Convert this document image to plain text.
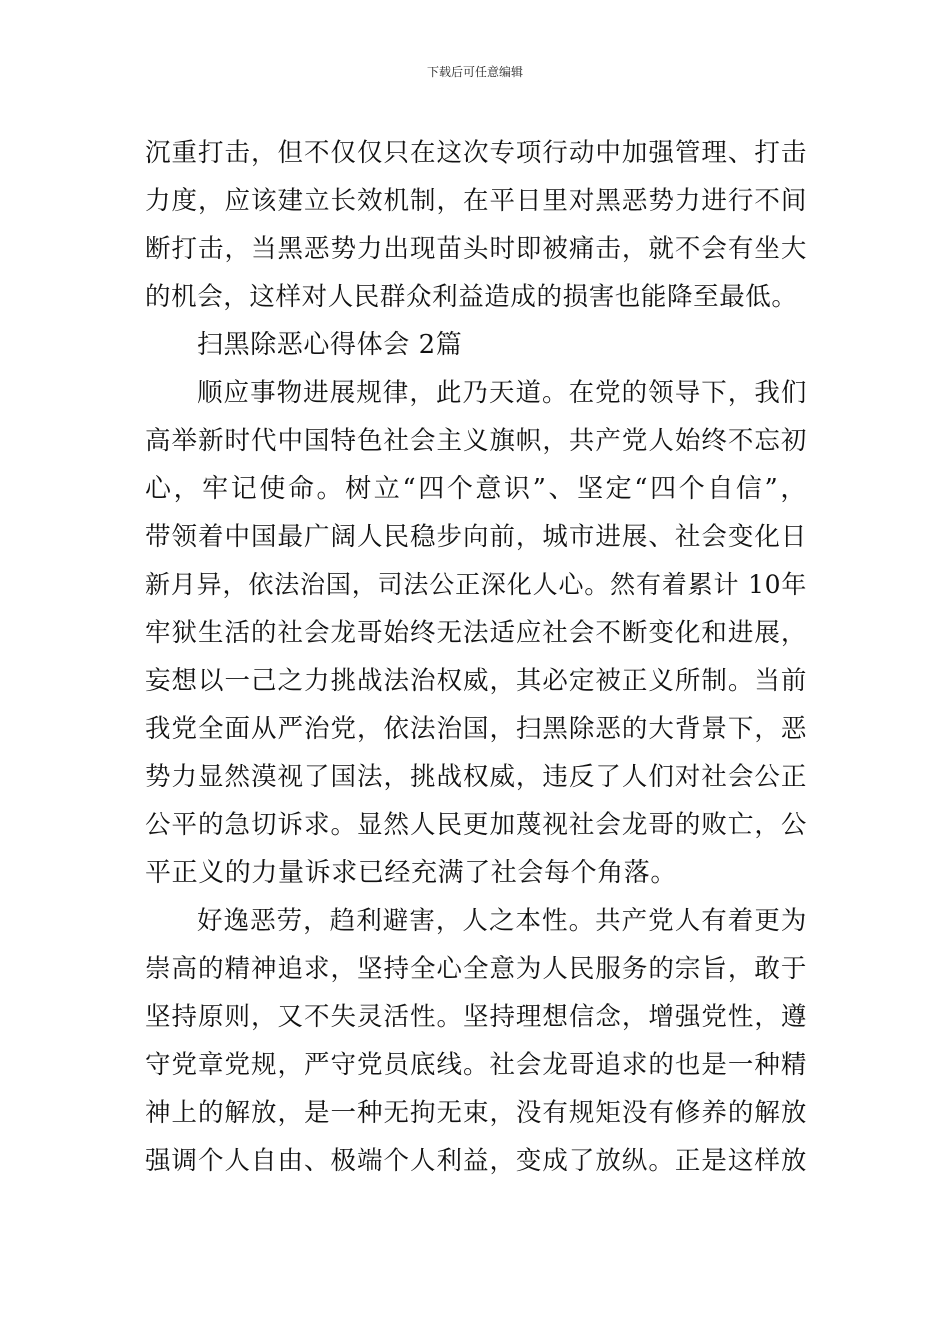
下载后可任意编辑
沉重打击，但不仅仅只在这次专项行动中加强管理、打击
力度，应该建立长效机制，在平日里对黑恶势力进行不间
断打击，当黑恶势力出现苗头时即被痛击，就不会有坐大
的机会，这样对人民群众利益造成的损害也能降至最低。
扫黑除恶心得体会 2篇
顺应事物进展规律，此乃天道。在党的领导下，我们
高举新时代中国特色社会主义旗帜，共产党人始终不忘初
心，牢记使命。树立“四个意识”、坚定“四个自信”，
带领着中国最广阔人民稳步向前，城市进展、社会变化日
新月异，依法治国，司法公正深化人心。然有着累计 10年
牢狱生活的社会龙哥始终无法适应社会不断变化和进展，
妄想以一己之力挑战法治权威，其必定被正义所制。当前
我党全面从严治党，依法治国，扫黑除恶的大背景下，恶
势力显然漠视了国法，挑战权威，违反了人们对社会公正
公平的急切诉求。显然人民更加蔑视社会龙哥的败亡，公
平正义的力量诉求已经充满了社会每个角落。
好逸恶劳，趋利避害，人之本性。共产党人有着更为
崇高的精神追求，坚持全心全意为人民服务的宗旨，敢于
坚持原则，又不失灵活性。坚持理想信念，增强党性，遵
守党章党规，严守党员底线。社会龙哥追求的也是一种精
神上的解放，是一种无拘无束，没有规矩没有修养的解放
强调个人自由、极端个人利益，变成了放纵。正是这样放
